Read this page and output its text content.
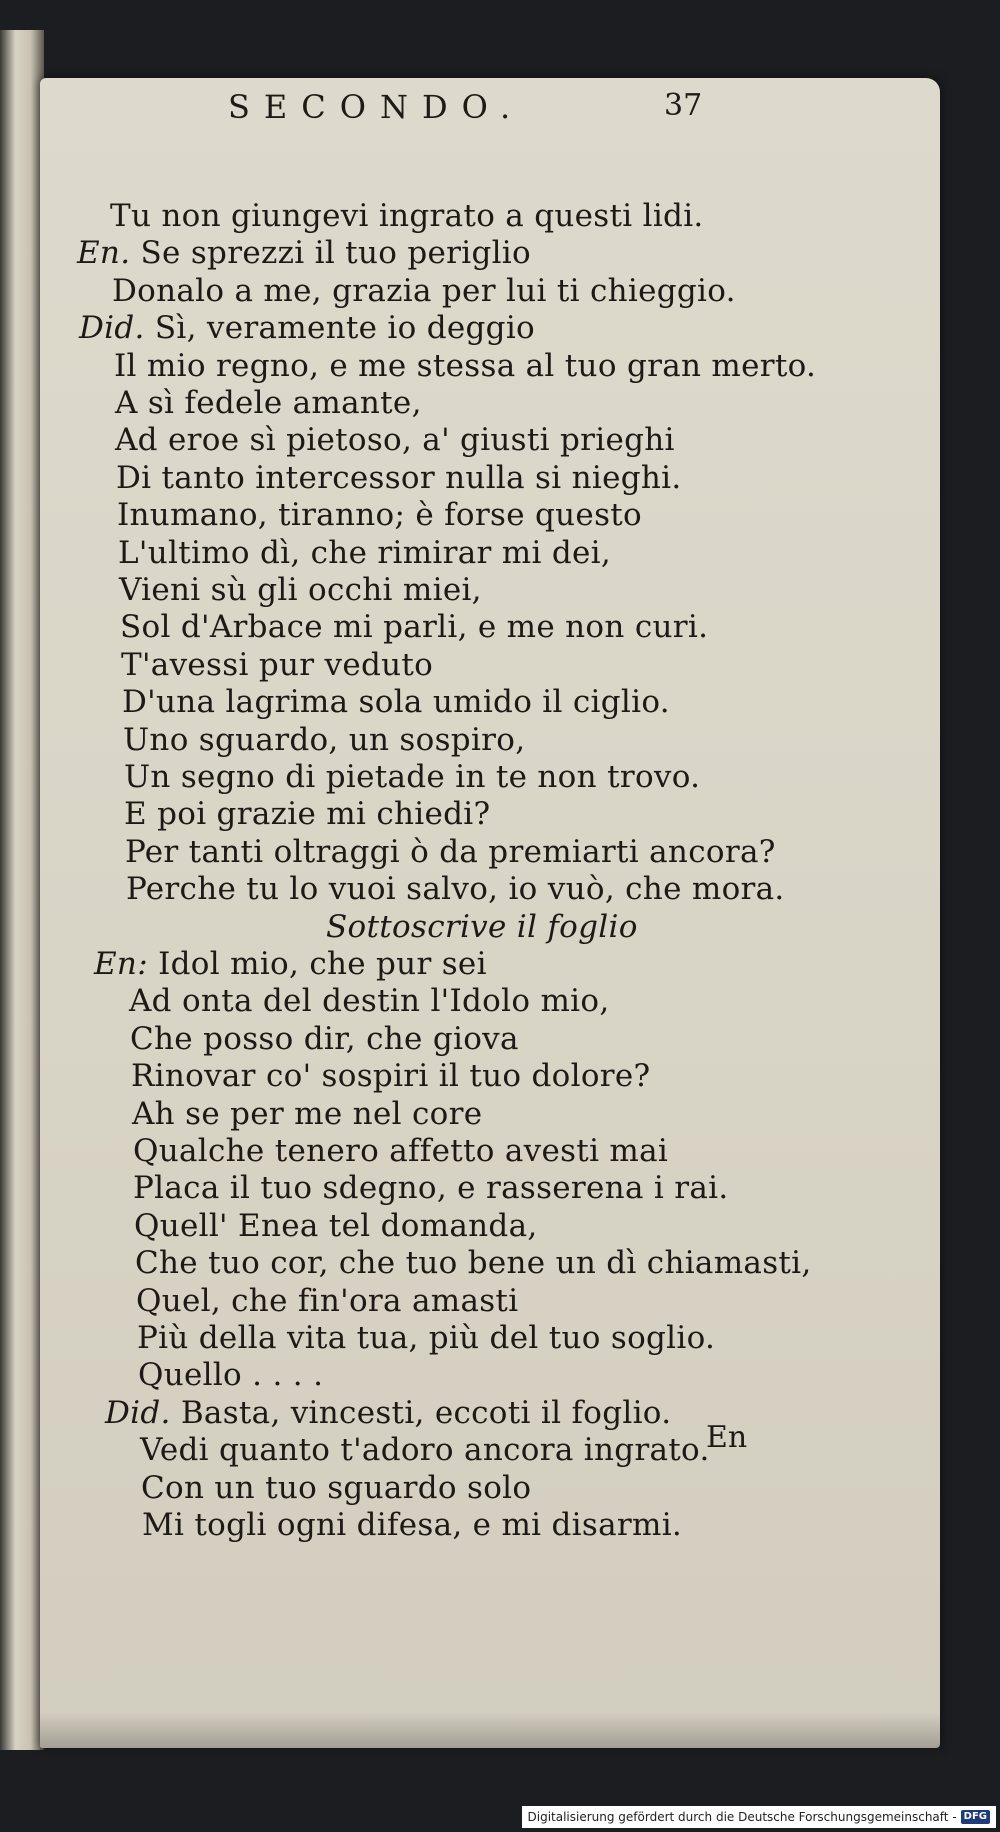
SECONDO.	37
Tu non giungevi ingrato a questi lidi.
En. Se sprezzi il tuo periglio
Donalo a me, grazia per lui ti chieggio.
Did. Sì, veramente io deggio
Il mio regno, e me stessa al tuo gran merto.
A sì fedele amante,
Ad eroe sì pietoso, a' giusti prieghi
Di tanto intercessor nulla si nieghi.
Inumano, tiranno; è forse questo
L'ultimo dì, che rimirar mi dei,
Vieni sù gli occhi miei,
Sol d'Arbace mi parli, e me non curi.
T'avessi pur veduto
D'una lagrima sola umido il ciglio.
Uno sguardo, un sospiro,
Un segno di pietade in te non trovo.
E poi grazie mi chiedi?
Per tanti oltraggi ò da premiarti ancora?
Perche tu lo vuoi salvo, io vuò, che mora.
Sottoscrive il foglio
En: Idol mio, che pur sei
Ad onta del destin l'Idolo mio,
Che posso dir, che giova
Rinovar co' sospiri il tuo dolore?
Ah se per me nel core
Qualche tenero affetto avesti mai
Placa il tuo sdegno, e rasserena i rai.
Quell' Enea tel domanda,
Che tuo cor, che tuo bene un dì chiamasti,
Quel, che fin'ora amasti
Più della vita tua, più del tuo soglio.
Quello . . . .
Did. Basta, vincesti, eccoti il foglio.
Vedi quanto t'adoro ancora ingrato.
Con un tuo sguardo solo
Mi togli ogni difesa, e mi disarmi.
En
Digitalisierung gefördert durch die Deutsche Forschungsgemeinschaft - DFG
